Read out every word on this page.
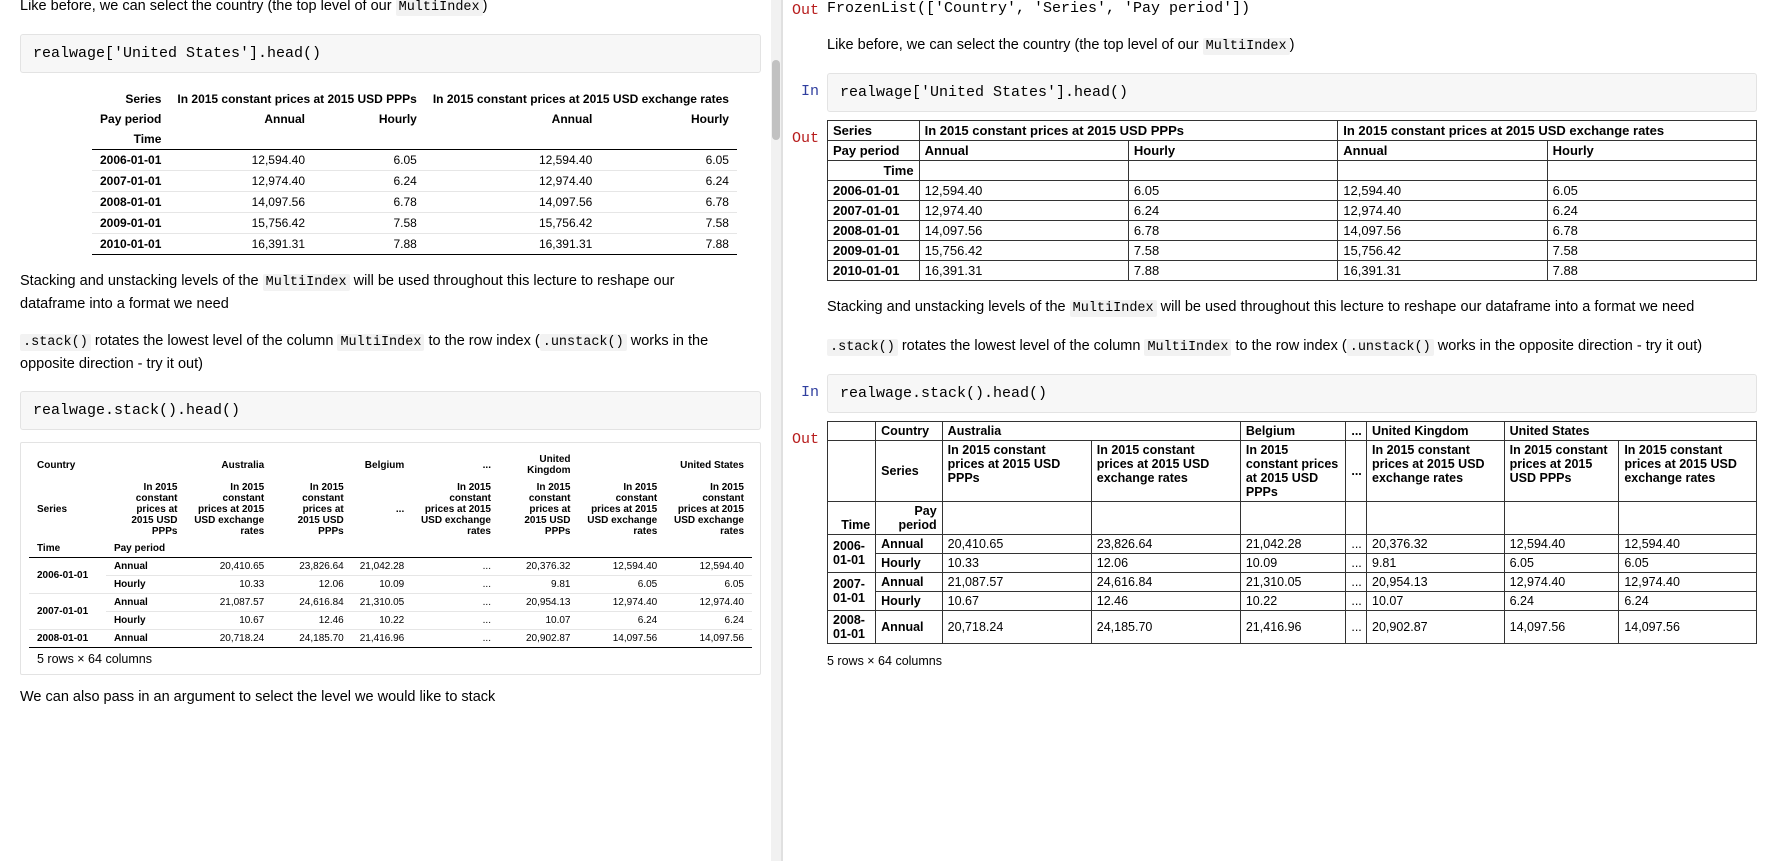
Like before, we can select the country (the top level of our MultiIndex )

realwage['United States'].head()
Series	In 2015 constant prices at 2015 USD PPPs		In 2015 constant prices at 2015 USD exchange rates	
Pay period	Annual	Hourly	Annual	Hourly
Time				
2006-01-01	12,594.40	6.05	12,594.40	6.05
2007-01-01	12,974.40	6.24	12,974.40	6.24
2008-01-01	14,097.56	6.78	14,097.56	6.78
2009-01-01	15,756.42	7.58	15,756.42	7.58
2010-01-01	16,391.31	7.88	16,391.31	7.88

Stacking and unstacking levels of the MultiIndex will be used throughout this lecture to reshape our dataframe into a format we need

.stack() rotates the lowest level of the column MultiIndex to the row index ( .unstack() works in the opposite direction - try it out)

realwage.stack().head()
Country		Australia		Belgium	...	United Kingdom		United States
Series	In 2015 constant prices at 2015 USD PPPs	In 2015 constant prices at 2015 USD exchange rates	In 2015 constant prices at 2015 USD PPPs	...	In 2015 constant prices at 2015 USD exchange rates	In 2015 constant prices at 2015 USD PPPs	In 2015 constant prices at 2015 USD exchange rates	In 2015 constant prices at 2015 USD exchange rates
Time	Pay period							
2006-01-01	Annual	20,410.65	23,826.64	21,042.28	...	20,376.32	12,594.40	12,594.40
	Hourly	10.33	12.06	10.09	...	9.81	6.05	6.05
2007-01-01	Annual	21,087.57	24,616.84	21,310.05	...	20,954.13	12,974.40	12,974.40
	Hourly	10.67	12.46	10.22	...	10.07	6.24	6.24
2008-01-01	Annual	20,718.24	24,185.70	21,416.96	...	20,902.87	14,097.56	14,097.56
5 rows × 64 columns

We can also pass in an argument to select the level we would like to stack

Out FrozenList(['Country', 'Series', 'Pay period'])

Like before, we can select the country (the top level of our MultiIndex )

In	realwage['United States'].head()
Out	Series	In 2015 constant prices at 2015 USD PPPs		In 2015 constant prices at 2015 USD exchange rates	
Pay period	Annual	Hourly	Annual	Hourly
Time				
2006-01-01	12,594.40	6.05	12,594.40	6.05
2007-01-01	12,974.40	6.24	12,974.40	6.24
2008-01-01	14,097.56	6.78	14,097.56	6.78
2009-01-01	15,756.42	7.58	15,756.42	7.58
2010-01-01	16,391.31	7.88	16,391.31	7.88

Stacking and unstacking levels of the MultiIndex will be used throughout this lecture to reshape our dataframe into a format we need

.stack() rotates the lowest level of the column MultiIndex to the row index ( .unstack() works in the opposite direction - try it out)

In	realwage.stack().head()
Out
		Country	Australia		Belgium	...	United Kingdom	United States	
	Series	In 2015 constant prices at 2015 USD PPPs	In 2015 constant prices at 2015 USD exchange rates	In 2015 constant prices at 2015 USD PPPs	...	In 2015 constant prices at 2015 USD exchange rates	In 2015 constant prices at 2015 USD PPPs	In 2015 constant prices at 2015 USD exchange rates
Time	Pay period							
2006-01-01	Annual	20,410.65	23,826.64	21,042.28	...	20,376.32	12,594.40	12,594.40
	Hourly	10.33	12.06	10.09	...	9.81	6.05	6.05
2007-01-01	Annual	21,087.57	24,616.84	21,310.05	...	20,954.13	12,974.40	12,974.40
	Hourly	10.67	12.46	10.22	...	10.07	6.24	6.24
2008-01-01	Annual	20,718.24	24,185.70	21,416.96	...	20,902.87	14,097.56	14,097.56
5 rows × 64 columns
